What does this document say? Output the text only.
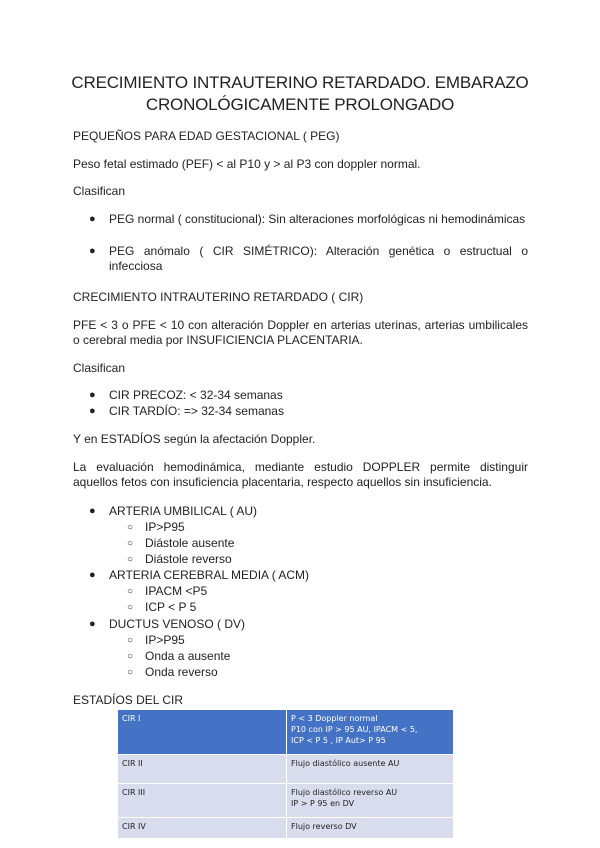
CRECIMIENTO INTRAUTERINO RETARDADO. EMBARAZO
CRONOLÓGICAMENTE PROLONGADO
PEQUEÑOS PARA EDAD GESTACIONAL ( PEG)
Peso fetal estimado (PEF) < al P10 y > al P3 con doppler normal.
Clasifican
● PEG normal ( constitucional): Sin alteraciones morfológicas ni hemodinámicas
● PEG anómalo ( CIR SIMÉTRICO): Alteración genética o estructual o infecciosa
CRECIMIENTO INTRAUTERINO RETARDADO ( CIR)
PFE < 3 o PFE < 10 con alteración Doppler en arterias uterinas, arterias umbilicales o cerebral media por INSUFICIENCIA PLACENTARIA.
Clasifican
● CIR PRECOZ: < 32-34 semanas
● CIR TARDÍO: => 32-34 semanas
Y en ESTADÍOS según la afectación Doppler.
La evaluación hemodinámica, mediante estudio DOPPLER permite distinguir aquellos fetos con insuficiencia placentaria, respecto aquellos sin insuficiencia.
● ARTERIA UMBILICAL ( AU)
○ IP>P95
○ Diástole ausente
○ Diástole reverso
● ARTERIA CEREBRAL MEDIA ( ACM)
○ IPACM <P5
○ ICP < P 5
● DUCTUS VENOSO ( DV)
○ IP>P95
○ Onda a ausente
○ Onda reverso
ESTADÍOS DEL CIR
CIR I	P < 3 Doppler normal
P10 con IP > 95 AU, IPACM < 5,
ICP < P 5 , IP Aut> P 95

CIR II	Flujo diastólico ausente AU

CIR III	Flujo diastólico reverso AU
IP > P 95 en DV

CIR IV	Flujo reverso DV
